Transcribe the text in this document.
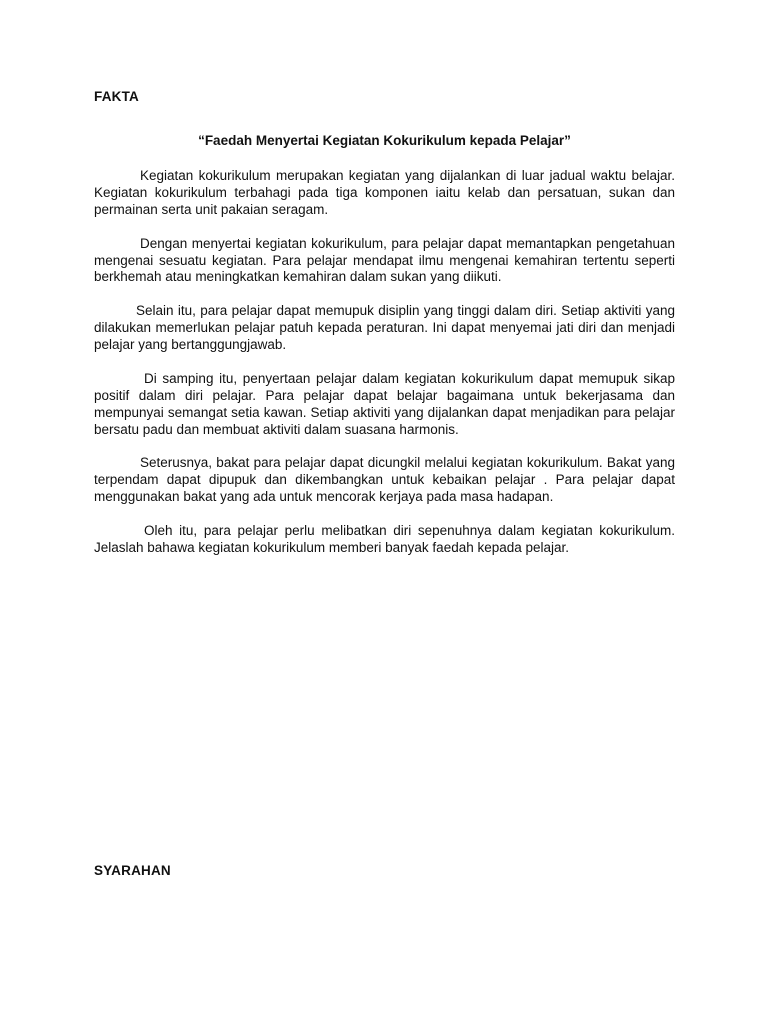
FAKTA
“Faedah Menyertai Kegiatan Kokurikulum kepada Pelajar”

Kegiatan kokurikulum merupakan kegiatan yang dijalankan di luar jadual waktu belajar. Kegiatan kokurikulum terbahagi pada tiga komponen iaitu kelab dan persatuan, sukan dan permainan serta unit pakaian seragam.

Dengan menyertai kegiatan kokurikulum, para pelajar dapat memantapkan pengetahuan mengenai sesuatu kegiatan. Para pelajar mendapat ilmu mengenai kemahiran tertentu seperti berkhemah atau meningkatkan kemahiran dalam sukan yang diikuti.

Selain itu, para pelajar dapat memupuk disiplin yang tinggi dalam diri. Setiap aktiviti yang dilakukan memerlukan pelajar patuh kepada peraturan. Ini dapat menyemai jati diri dan menjadi pelajar yang bertanggungjawab.

Di samping itu, penyertaan pelajar dalam kegiatan kokurikulum dapat memupuk sikap positif dalam diri pelajar. Para pelajar dapat belajar bagaimana untuk bekerjasama dan mempunyai semangat setia kawan. Setiap aktiviti yang dijalankan dapat menjadikan para pelajar bersatu padu dan membuat aktiviti dalam suasana harmonis.

Seterusnya, bakat para pelajar dapat dicungkil melalui kegiatan kokurikulum. Bakat yang terpendam dapat dipupuk dan dikembangkan untuk kebaikan pelajar . Para pelajar dapat menggunakan bakat yang ada untuk mencorak kerjaya pada masa hadapan.

Oleh itu, para pelajar perlu melibatkan diri sepenuhnya dalam kegiatan kokurikulum. Jelaslah bahawa kegiatan kokurikulum memberi banyak faedah kepada pelajar.

SYARAHAN
